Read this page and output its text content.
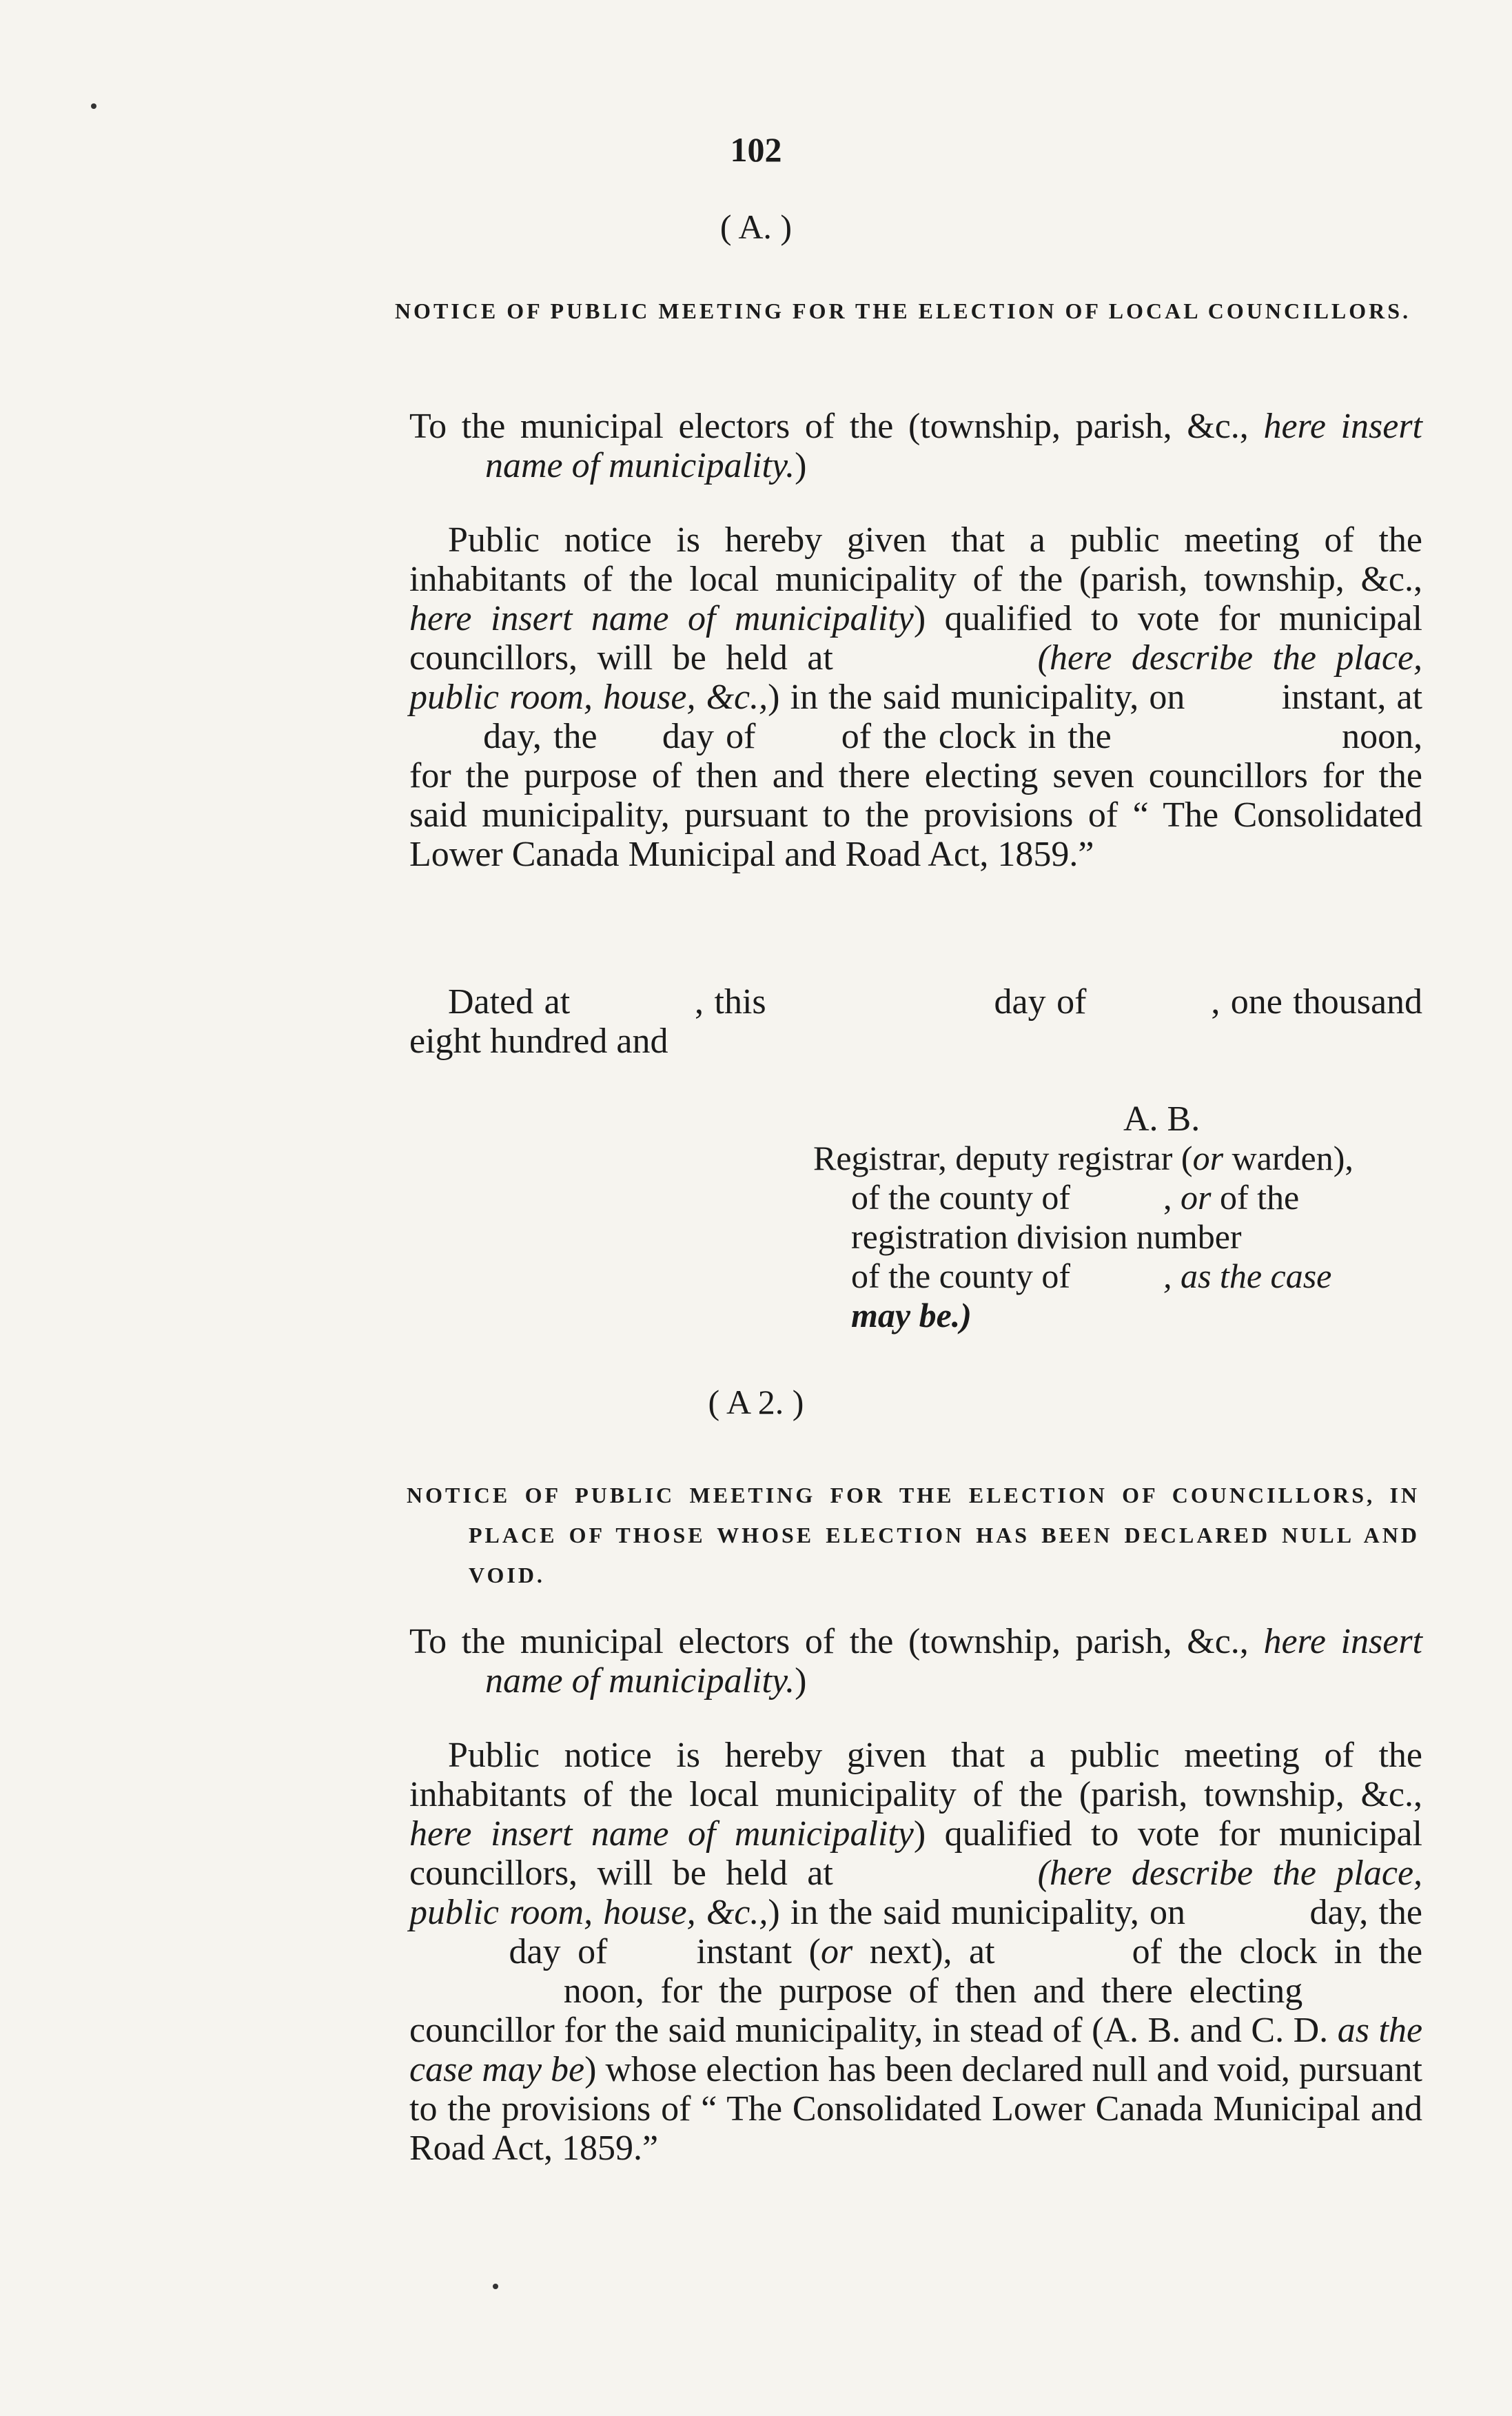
102
( A. )
NOTICE OF PUBLIC MEETING FOR THE ELECTION OF LOCAL COUNCILLORS.

To the municipal electors of the (township, parish, &c., here insert name of municipality.)

Public notice is hereby given that a public meeting of the inhabitants of the local municipality of the (parish, township, &c., here insert name of municipality) qualified to vote for municipal councillors, will be held at	(here describe the place, public room, house, &c.,) in the said municipality, on	instant, at  day, the day of of the clock in the	noon, for the purpose of then and there electing seven councillors for the said municipality, pursuant to the provisions of “ The Consolidated Lower Canada Municipal and Road Act, 1859.”

Dated at	, this	day of	, one thousand eight hundred and

A. B.
Registrar, deputy registrar (or warden),
of the county of	, or of the
registration division number
of the county of	, as the case
may be.)
( A 2. )
NOTICE OF PUBLIC MEETING FOR THE ELECTION OF COUNCILLORS, IN PLACE OF THOSE WHOSE ELECTION HAS BEEN DECLARED NULL AND VOID.

To the municipal electors of the (township, parish, &c., here insert name of municipality.)

Public notice is hereby given that a public meeting of the inhabitants of the local municipality of the (parish, township, &c., here insert name of municipality) qualified to vote for municipal councillors, will be held at	(here describe the place, public room, house, &c.,) in the said municipality, on	day, the  day of instant (or next), at	of the clock in the  noon, for the purpose of then and there electing  councillor for the said municipality, in stead of (A. B. and C. D. as the case may be) whose election has been declared null and void, pursuant to the provisions of “ The Consolidated Lower Canada Municipal and Road Act, 1859.”
